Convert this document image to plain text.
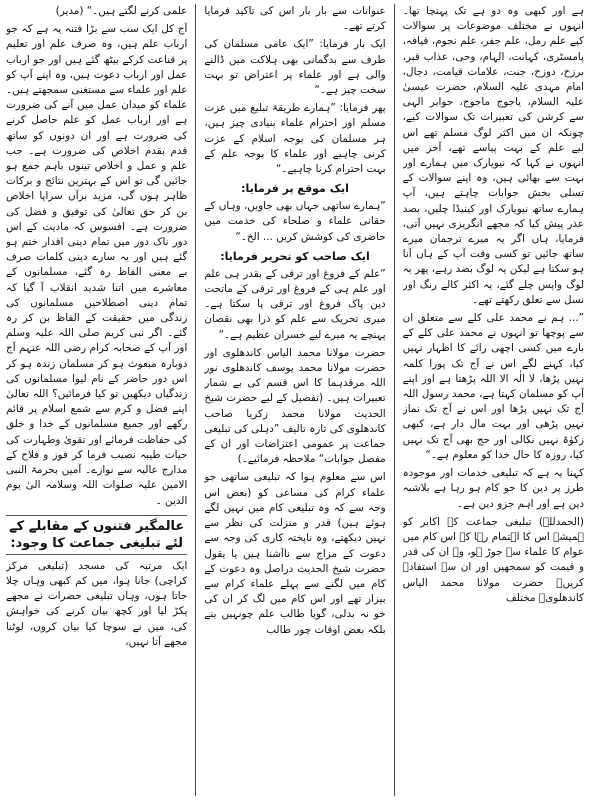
ہے اور کبھی وہ دو ہے تک پہنچا تھا۔ انہوں نے مختلف موضوعات پر سوالات کیے علم رمل، علم جفر، علم نجوم، قیافہ، پامسٹری، کہانت، الہام، وحی، عذاب قبر، برزخ، دوزخ، جنت، علامات قیامت، دجال، امام مہدی علیہ السلام، حضرت عیسیٰ علیہ السلام، یاجوج ماجوج، جوابر الہی سے کرشن کی تعبیرات تک سوالات کیے، چونکہ ان میں اکثر لوگ مسلم تھے اس لیے علم کے بہت پیاسے تھے، آخر میں انہوں نے کہا کہ نیویارک میں ہمارے اور بہت سے بھائی ہیں، وہ اپنے سوالات کے تسلی بخش جوابات چاہتے ہیں، آپ ہمارے ساتھ نیویارک اور کینیڈا چلیں، بصد عذر پیش کیا کہ مجھے انگریزی نہیں آتی، فرمایا، ہاں اگر یہ میرے ترجمان میرے ساتھ جائیں تو کسی وقت آپ کے ہاں آنا ہو سکتا ہے لیکن یہ لوگ بضد رہے، پھر یہ لوگ واپس چلے گئے، یہ اکثر کالے رنگ اور نسل سے تعلق رکھتے تھے۔

”... ہم نے محمد علی کلے سے متعلق ان سے پوچھا تو انہوں نے محمد علی کلے کے بارے میں کسی اچھی رائے کا اظہار نہیں کیا، کہنے لگے اس نے آج تک پورا کلمہ نہیں پڑھا، لا الٰہ الا اللہ پڑھتا ہے اور اپنے آپ کو مسلمان کہتا ہے، محمد رسول اللہ آج تک نہیں پڑھا اور اس نے آج تک نماز نہیں پڑھی اور بہت مال دار ہے، کبھی زکوٰۃ نہیں نکالی اور حج بھی آج تک نہیں کیا، روزہ کا حال خدا کو معلوم ہے۔“

کہنا یہ ہے کہ تبلیغی خدمات اور موجودہ طرز پر دین کا جو کام ہو رہا ہے بلاشبہ دین ہے اور اہم جزو دین ہے۔

(الحمدللہ) تبلیغی جماعت کے اکابر کو ہمیشہ اس کا اہتمام رہا کہ اس کام میں عوام کا علماء سے جوڑ ہو، وہ ان کی قدر و قیمت کو سمجھیں اور ان سے استفادہ کریں۔ حضرت مولانا محمد الیاس کاندھلویؒ مختلف

عنوانات سے بار بار اس کی تاکید فرمایا کرتے تھے۔

ایک بار فرمایا: ”ایک عامی مسلمان کی طرف سے بدگمانی بھی ہلاکت میں ڈالنے والی ہے اور علماء پر اعتراض تو بہت سخت چیز ہے۔“

پھر فرمایا: ”ہمارے طریقۂ تبلیغ میں عزت مسلم اور احترام علماء بنیادی چیز ہیں، ہر مسلمان کی بوجہ اسلام کے عزت کرنی چاہیے اور علماء کا بوجہ علم کے بہت احترام کرنا چاہیے۔“

ایک موقع پر فرمایا:

”ہمارے ساتھی جہاں بھی جاویں، وہاں کے حقانی علماء و صلحاء کی خدمت میں حاضری کی کوشش کریں ... الخ۔“

ایک صاحب کو تحریر فرمایا:

”علم کے فروغ اور ترقی کے بقدر ہی علم اور علم ہی کے فروغ اور ترقی کے ماتحت دین پاک فروغ اور ترقی پا سکتا ہے۔ میری تحریک سے علم کو ذرا بھی نقصان پہنچے یہ میرے لیے خسران عظیم ہے۔“

حضرت مولانا محمد الیاس کاندھلوی اور حضرت مولانا محمد یوسف کاندھلوی نور اللہ مرقدہما کا اس قسم کی بے شمار تعبیرات ہیں۔ (تفصیل کے لیے حضرت شیخ الحدیث مولانا محمد زکریا صاحب کاندھلوی کی تازہ تالیف ”دہلی کی تبلیغی جماعت پر عمومی اعتراضات اور ان کے مفصل جوابات“ ملاحظہ فرمائیے۔)

اس سے معلوم ہوا کہ تبلیغی ساتھی جو علماء کرام کی مساعی کو (بعض اس وجہ سے کہ وہ تبلیغی کام میں نہیں لگے ہوئے ہیں) قدر و منزلت کی نظر سے نہیں دیکھتے، وہ ناپختہ کاری کی وجہ سے دعوت کے مزاج سے ناآشنا ہیں یا یقول حضرت شیخ الحدیث دراصل وہ دعوت کے کام میں لگنے سے پہلے علماء کرام سے بیزار تھے اور اس کام میں لگ کر ان کی خو نہ بدلی، گویا طالب علم چونہیں بنے بلکہ بعض اوقات چور طالب

علمی کرنے لگتے ہیں۔“ (مدیر)

آج کل ایک سب سے بڑا فتنہ یہ ہے کہ جو ارباب علم ہیں، وہ صرف علم اور تعلیم پر قناعت کرکے بیٹھ گئے ہیں اور جو ارباب عمل اور ارباب دعوت ہیں، وہ اپنے آپ کو علم اور علماء سے مستغنی سمجھتے ہیں۔ علماء کو میدان عمل میں آنے کی ضرورت ہے اور ارباب عمل کو علم حاصل کرنے کی ضرورت ہے اور ان دونوں کو ساتھ قدم بقدم اخلاص کی ضرورت ہے۔ جب علم و عمل و اخلاص تینوں باہم جمع ہو جائیں گی تو اس کے بہترین نتائج و برکات ظاہر ہوں گی، مزید برآں سراپا اخلاص بن کر حق تعالیٰ کی توفیق و فضل کی ضرورت ہے۔ افسوس کہ مادیت کے اس دور ناک دور میں تمام دینی اقدار ختم ہو گئے ہیں اور یہ سارے دینی کلمات صرف بے معنی الفاظ رہ گئے، مسلمانوں کے معاشرے میں اتنا شدید انقلاب آ گیا کہ تمام دینی اصطلاحیں مسلمانوں کی زندگی میں حقیقت کے الفاظ بن کر رہ گئے۔ اگر نبی کریم صلی اللہ علیہ وسلم اور آپ کے صحابہ کرام رضی اللہ عنہم آج دوبارہ مبعوث ہو کر مسلمان زندہ ہو کر اس دور حاضر کے نام لیوا مسلمانوں کی زندگیاں دیکھیں تو کیا فرمائیں؟ اللہ تعالیٰ اپنے فضل و کرم سے شمع اسلام پر قائم رکھے اور جمیع مسلمانوں کے خدا و خلق کی حفاظت فرمائے اور تقویٰ وطہارت کی حیات طیبہ نصیب فرما کر فوز و فلاح کے مدارج عالیہ سے نوازے۔ آمین بحرمۃ النبی الامین علیہ صلوات اللہ وسلامہ الیٰ یوم الدین ۔

عالمگیر فتنوں کے مقابلے کے لئے تبلیغی جماعت کا وجود:

ایک مرتبہ کی مسجد (تبلیغی مرکز کراچی) جانا ہوا، میں کم کبھی وہاں چلا جاتا ہوں، وہاں تبلیغی حضرات نے مجھے پکڑ لیا اور کچھ بیان کرنے کی خواہش کی، میں نے سوچا کیا بیان کروں، لوٹنا مجھے آتا نہیں،
